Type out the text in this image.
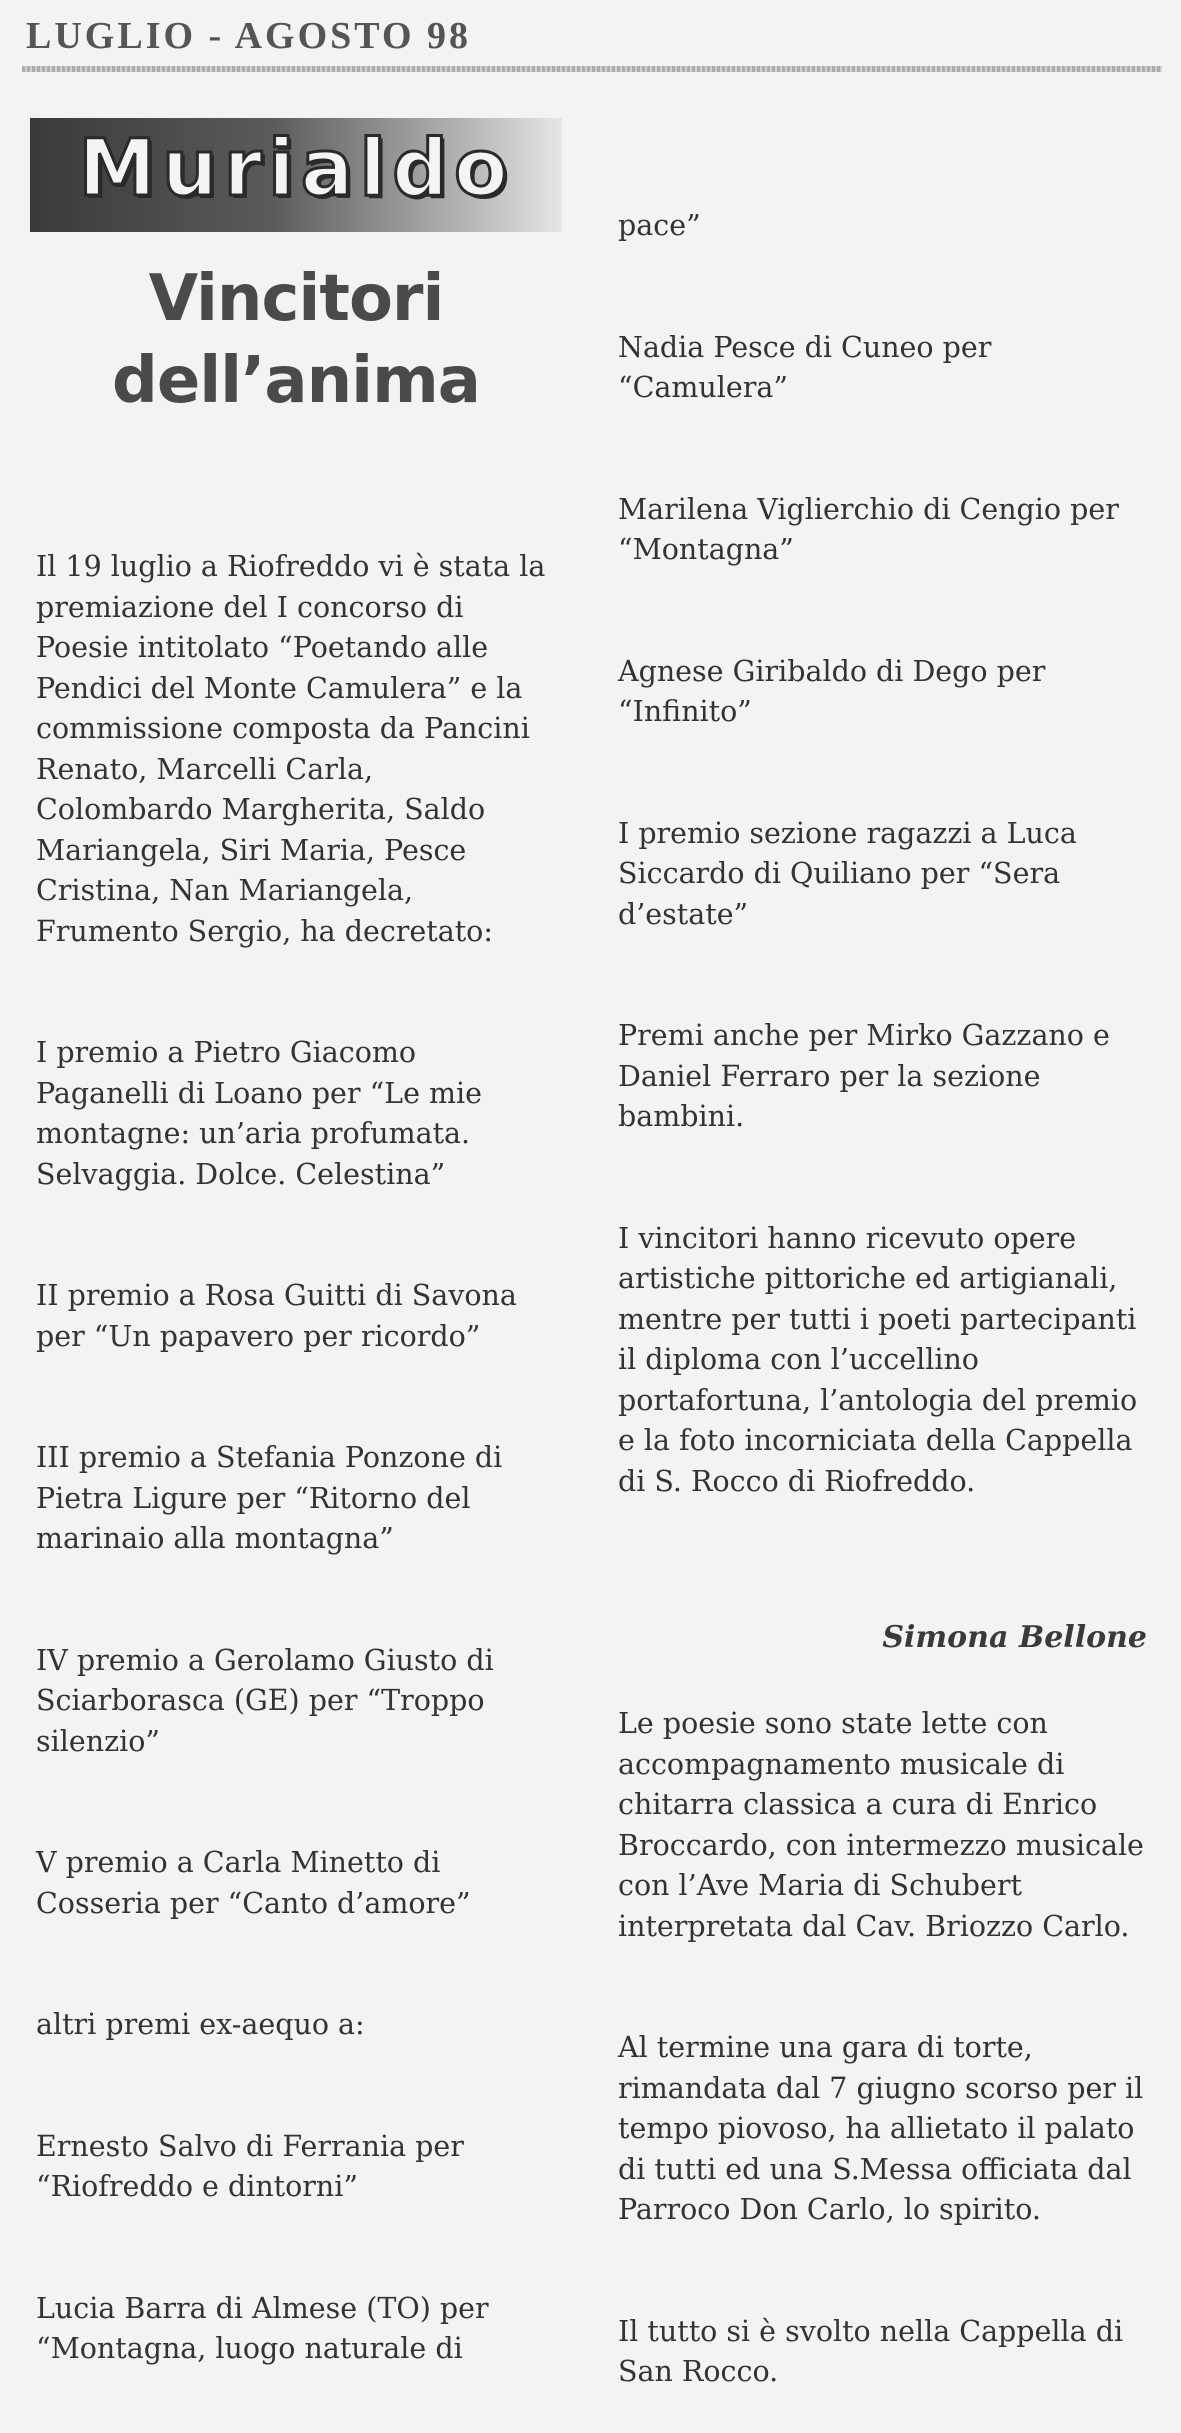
LUGLIO - AGOSTO 98
Murialdo
Vincitori
dell’anima

Il 19 luglio a Riofreddo vi è stata la premiazione del I concorso di Poesie intitolato “Poetando alle Pendici del Monte Camulera” e la commissione composta da Pancini Renato, Marcelli Carla, Colombardo Margherita, Saldo Mariangela, Siri Maria, Pesce Cristina, Nan Mariangela, Frumento Sergio, ha decretato:

I premio a Pietro Giacomo Paganelli di Loano per “Le mie montagne: un’aria profumata. Selvaggia. Dolce. Celestina”

II premio a Rosa Guitti di Savona per “Un papavero per ricordo”

III premio a Stefania Ponzone di Pietra Ligure per “Ritorno del marinaio alla montagna”

IV premio a Gerolamo Giusto di Sciarborasca (GE) per “Troppo silenzio”

V premio a Carla Minetto di Cosseria per “Canto d’amore”

altri premi ex-aequo a:

Ernesto Salvo di Ferrania per “Riofreddo e dintorni”

Lucia Barra di Almese (TO) per “Montagna, luogo naturale di

pace”

Nadia Pesce di Cuneo per “Camulera”

Marilena Viglierchio di Cengio per “Montagna”

Agnese Giribaldo di Dego per “Infinito”

I premio sezione ragazzi a Luca Siccardo di Quiliano per “Sera d’estate”

Premi anche per Mirko Gazzano e Daniel Ferraro per la sezione bambini.

I vincitori hanno ricevuto opere artistiche pittoriche ed artigianali, mentre per tutti i poeti partecipanti il diploma con l’uccellino portafortuna, l’antologia del premio e la foto incorniciata della Cappella di S. Rocco di Riofreddo.

Le poesie sono state lette con accompagnamento musicale di chitarra classica a cura di Enrico Broccardo, con intermezzo musicale con l’Ave Maria di Schubert interpretata dal Cav. Briozzo Carlo.

Al termine una gara di torte, rimandata dal 7 giugno scorso per il tempo piovoso, ha allietato il palato di tutti ed una S.Messa officiata dal Parroco Don Carlo, lo spirito.

Il tutto si è svolto nella Cappella di San Rocco.

Simona Bellone
